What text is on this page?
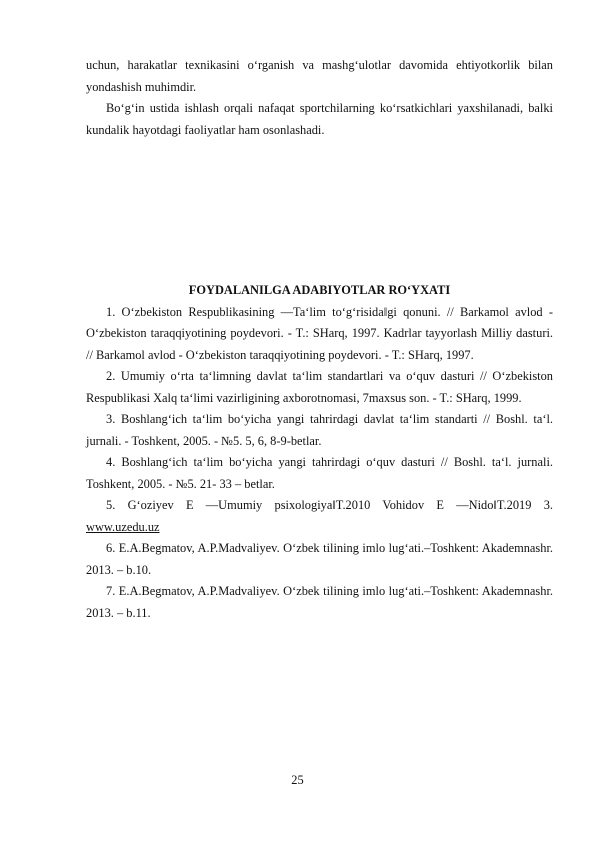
uchun, harakatlar texnikasini o‘rganish va mashg‘ulotlar davomida ehtiyotkorlik bilan yondashish muhimdir.

Bo‘g‘in ustida ishlash orqali nafaqat sportchilarning ko‘rsatkichlari yaxshilanadi, balki kundalik hayotdagi faoliyatlar ham osonlashadi.

FOYDALANILGA ADABIYOTLAR RO‘YXATI

1. O‘zbekiston Respublikasining ―Ta‘lim to‘g‘risida‖gi qonuni. // Barkamol avlod - O‘zbekiston taraqqiyotining poydevori. - T.: SHarq, 1997. Kadrlar tayyorlash Milliy dasturi. // Barkamol avlod - O‘zbekiston taraqqiyotining poydevori. - T.: SHarq, 1997.

2. Umumiy o‘rta ta‘limning davlat ta‘lim standartlari va o‘quv dasturi // O‘zbekiston Respublikasi Xalq ta‘limi vazirligining axborotnomasi, 7maxsus son. - T.: SHarq, 1999.

3. Boshlang‘ich ta‘lim bo‘yicha yangi tahrirdagi davlat ta‘lim standarti // Boshl. ta‘l. jurnali. - Toshkent, 2005. - №5. 5, 6, 8-9-betlar.

4. Boshlang‘ich ta‘lim bo‘yicha yangi tahrirdagi o‘quv dasturi // Boshl. ta‘l. jurnali. Toshkent, 2005. - №5. 21- 33 – betlar.

5. G‘oziyev E ―Umumiy psixologiya‖T.2010 Vohidov E ―Nido‖T.2019 3. www.uzedu.uz

6. E.A.Begmatov, A.P.Madvaliyev. O‘zbek tilining imlo lug‘ati.–Toshkent: Akademnashr. 2013. – b.10.

7. E.A.Begmatov, A.P.Madvaliyev. O‘zbek tilining imlo lug‘ati.–Toshkent: Akademnashr. 2013. – b.11.

25
